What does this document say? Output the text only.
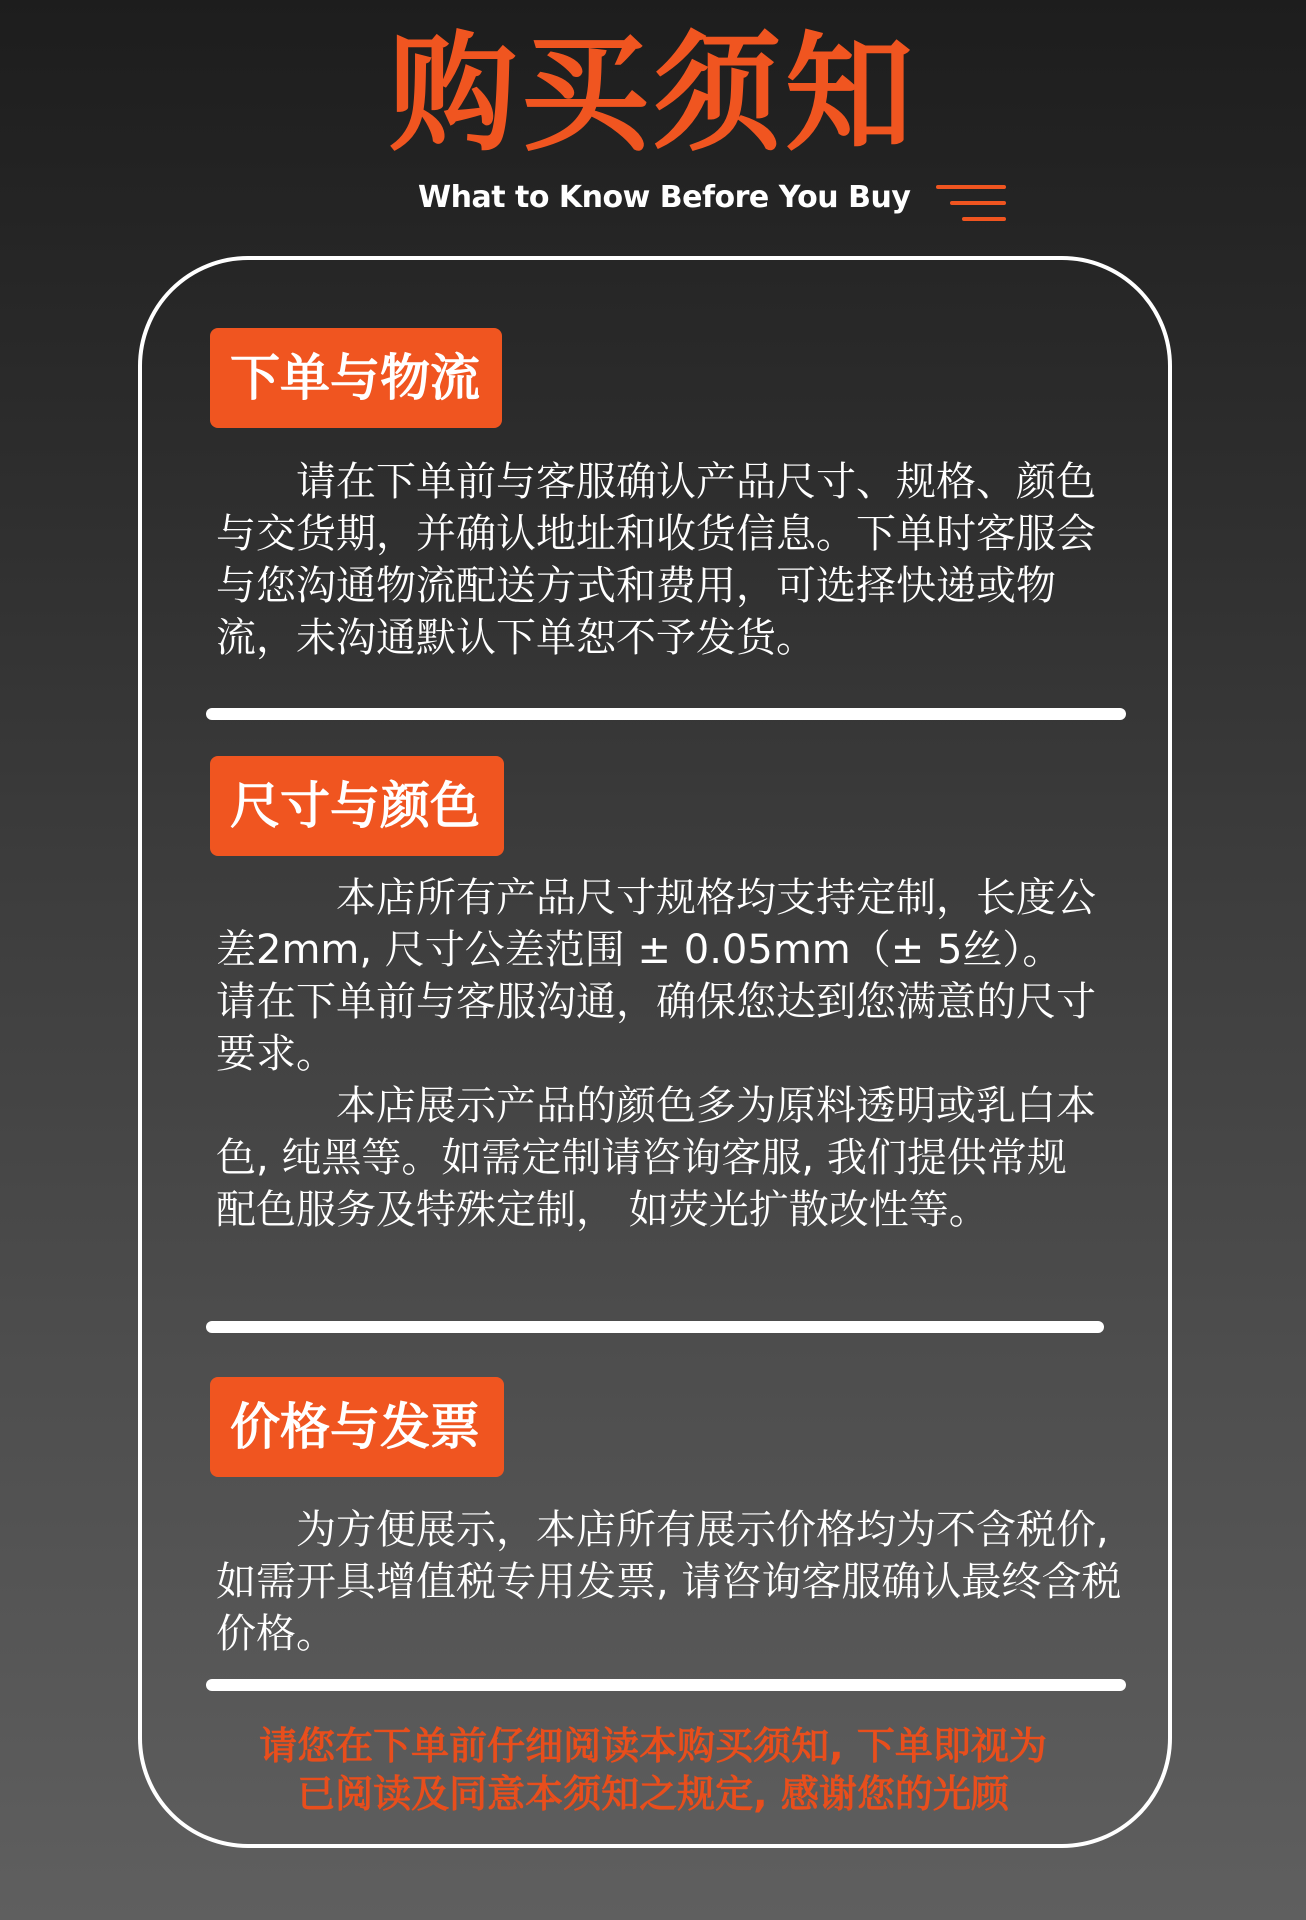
购买须知
What to Know Before You Buy
下单与物流

　　请在下单前与客服确认产品尺寸、规格、颜色与交货期，并确认地址和收货信息。下单时客服会与您沟通物流配送方式和费用，可选择快递或物流，未沟通默认下单恕不予发货。

尺寸与颜色

　　　本店所有产品尺寸规格均支持定制，长度公差2mm, 尺寸公差范围 ± 0.05mm（± 5丝）。请在下单前与客服沟通，确保您达到您满意的尺寸要求。

　　　本店展示产品的颜色多为原料透明或乳白本色, 纯黑等。如需定制请咨询客服, 我们提供常规配色服务及特殊定制， 如荧光扩散改性等。

价格与发票

　　为方便展示，本店所有展示价格均为不含税价, 如需开具增值税专用发票, 请咨询客服确认最终含税价格。

请您在下单前仔细阅读本购买须知, 下单即视为

已阅读及同意本须知之规定, 感谢您的光顾
